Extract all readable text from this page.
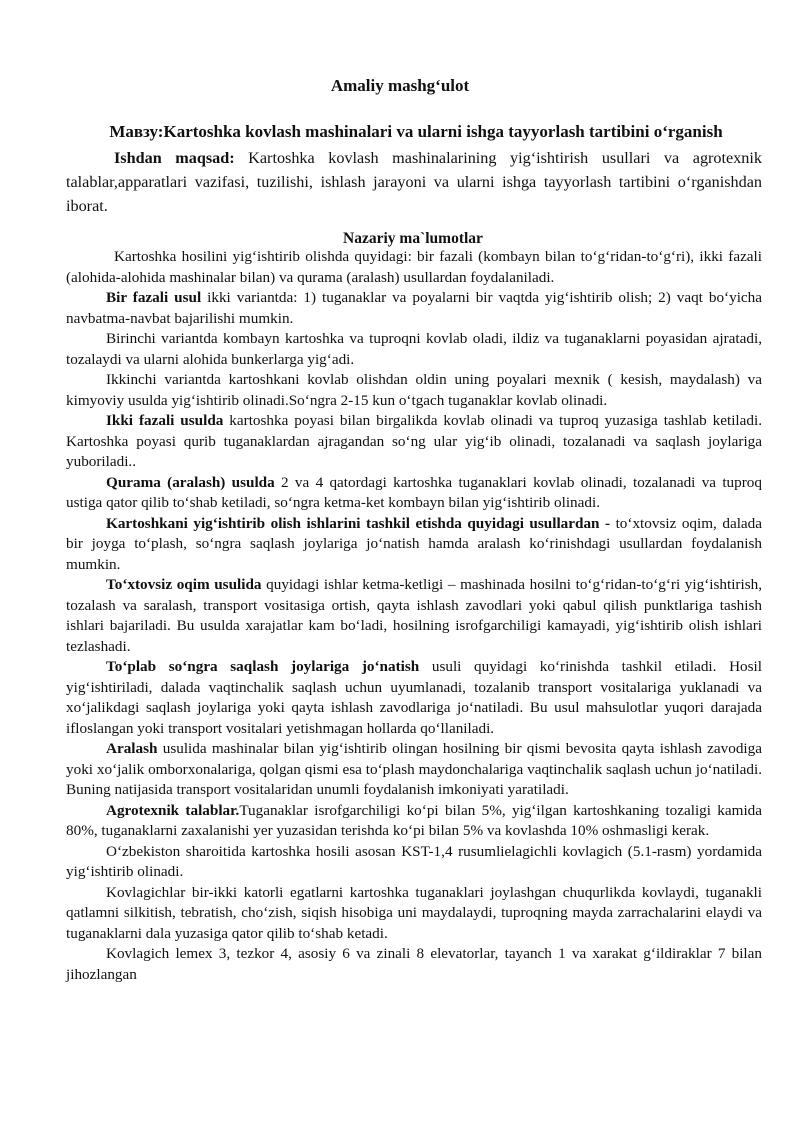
Amaliy mashg‘ulot
Мавзу:Kartoshka kovlash mashinalari va ularni ishga tayyorlash tartibini o‘rganish
Ishdan maqsad: Kartoshka kovlash mashinalarining yig‘ishtirish usullari va agrotexnik talablar,apparatlari vazifasi, tuzilishi, ishlash jarayoni va ularni ishga tayyorlash tartibini o‘rganishdan iborat.
Nazariy ma`lumotlar

Kartoshka hosilini yig‘ishtirib olishda quyidagi: bir fazali (kombayn bilan to‘g‘ridan-to‘g‘ri), ikki fazali (alohida-alohida mashinalar bilan) va qurama (aralash) usullardan foydalaniladi.

Bir fazali usul ikki variantda: 1) tuganaklar va poyalarni bir vaqtda yig‘ishtirib olish; 2) vaqt bo‘yicha navbatma-navbat bajarilishi mumkin.

Birinchi variantda kombayn kartoshka va tuproqni kovlab oladi, ildiz va tuganaklarni poyasidan ajratadi, tozalaydi va ularni alohida bunkerlarga yig‘adi.

Ikkinchi variantda kartoshkani kovlab olishdan oldin uning poyalari mexnik ( kesish, maydalash) va kimyoviy usulda yig‘ishtirib olinadi.So‘ngra 2-15 kun o‘tgach tuganaklar kovlab olinadi.

Ikki fazali usulda kartoshka poyasi bilan birgalikda kovlab olinadi va tuproq yuzasiga tashlab ketiladi. Kartoshka poyasi qurib tuganaklardan ajragandan so‘ng ular yig‘ib olinadi, tozalanadi va saqlash joylariga yuboriladi..

Qurama (aralash) usulda 2 va 4 qatordagi kartoshka tuganaklari kovlab olinadi, tozalanadi va tuproq ustiga qator qilib to‘shab ketiladi, so‘ngra ketma-ket kombayn bilan yig‘ishtirib olinadi.

Kartoshkani yig‘ishtirib olish ishlarini tashkil etishda quyidagi usullardan - to‘xtovsiz oqim, dalada bir joyga to‘plash, so‘ngra saqlash joylariga jo‘natish hamda aralash ko‘rinishdagi usullardan foydalanish mumkin.

To‘xtovsiz oqim usulida quyidagi ishlar ketma-ketligi – mashinada hosilni to‘g‘ridan-to‘g‘ri yig‘ishtirish, tozalash va saralash, transport vositasiga ortish, qayta ishlash zavodlari yoki qabul qilish punktlariga tashish ishlari bajariladi. Bu usulda xarajatlar kam bo‘ladi, hosilning isrofgarchiligi kamayadi, yig‘ishtirib olish ishlari tezlashadi.

To‘plab so‘ngra saqlash joylariga jo‘natish usuli quyidagi ko‘rinishda tashkil etiladi. Hosil yig‘ishtiriladi, dalada vaqtinchalik saqlash uchun uyumlanadi, tozalanib transport vositalariga yuklanadi va xo‘jalikdagi saqlash joylariga yoki qayta ishlash zavodlariga jo‘natiladi. Bu usul mahsulotlar yuqori darajada ifloslangan yoki transport vositalari yetishmagan hollarda qo‘llaniladi.

Aralash usulida mashinalar bilan yig‘ishtirib olingan hosilning bir qismi bevosita qayta ishlash zavodiga yoki xo‘jalik omborxonalariga, qolgan qismi esa to‘plash maydonchalariga vaqtinchalik saqlash uchun jo‘natiladi. Buning natijasida transport vositalaridan unumli foydalanish imkoniyati yaratiladi.

Agrotexnik talablar.Tuganaklar isrofgarchiligi ko‘pi bilan 5%, yig‘ilgan kartoshkaning tozaligi kamida 80%, tuganaklarni zaxalanishi yer yuzasidan terishda ko‘pi bilan 5% va kovlashda 10% oshmasligi kerak.

O‘zbekiston sharoitida kartoshka hosili asosan KST-1,4 rusumlielagichli kovlagich (5.1-rasm) yordamida yig‘ishtirib olinadi.

Kovlagichlar bir-ikki katorli egatlarni kartoshka tuganaklari joylashgan chuqurlikda kovlaydi, tuganakli qatlamni silkitish, tebratish, cho‘zish, siqish hisobiga uni maydalaydi, tuproqning mayda zarrachalarini elaydi va tuganaklarni dala yuzasiga qator qilib to‘shab ketadi.

Kovlagich lemex 3, tezkor 4, asosiy 6 va zinali 8 elevatorlar, tayanch 1 va xarakat g‘ildiraklar 7 bilan jihozlangan
